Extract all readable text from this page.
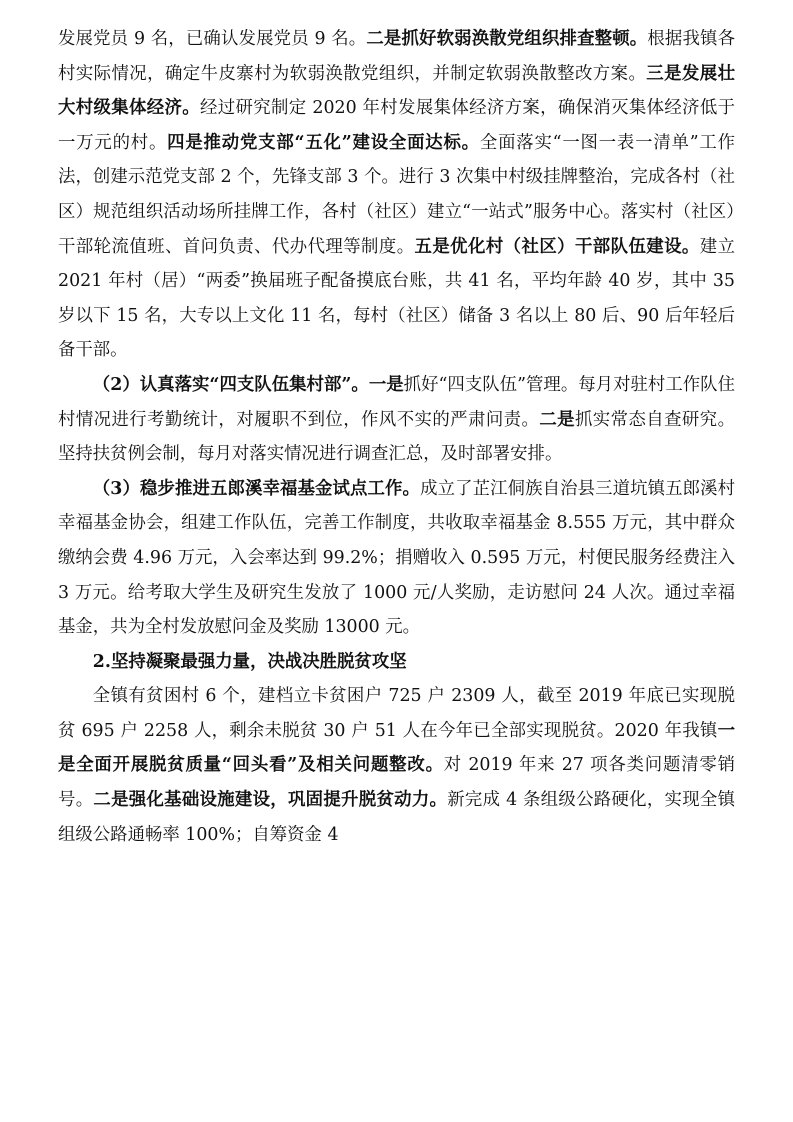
发展党员 9 名，已确认发展党员 9 名。二是抓好软弱涣散党组织排查整顿。根据我镇各村实际情况，确定牛皮寨村为软弱涣散党组织，并制定软弱涣散整改方案。三是发展壮大村级集体经济。经过研究制定 2020 年村发展集体经济方案，确保消灭集体经济低于一万元的村。四是推动党支部“五化”建设全面达标。全面落实“一图一表一清单”工作法，创建示范党支部 2 个，先锋支部 3 个。进行 3 次集中村级挂牌整治，完成各村（社区）规范组织活动场所挂牌工作，各村（社区）建立“一站式”服务中心。落实村（社区）干部轮流值班、首问负责、代办代理等制度。五是优化村（社区）干部队伍建设。建立 2021 年村（居）“两委”换届班子配备摸底台账，共 41 名，平均年龄 40 岁，其中 35 岁以下 15 名，大专以上文化 11 名，每村（社区）储备 3 名以上 80 后、90 后年轻后备干部。

（2）认真落实“四支队伍集村部”。一是抓好“四支队伍”管理。每月对驻村工作队住村情况进行考勤统计，对履职不到位，作风不实的严肃问责。二是抓实常态自查研究。坚持扶贫例会制，每月对落实情况进行调查汇总，及时部署安排。

（3）稳步推进五郎溪幸福基金试点工作。成立了芷江侗族自治县三道坑镇五郎溪村幸福基金协会，组建工作队伍，完善工作制度，共收取幸福基金 8.555 万元，其中群众缴纳会费 4.96 万元，入会率达到 99.2%；捐赠收入 0.595 万元，村便民服务经费注入 3 万元。给考取大学生及研究生发放了 1000 元/人奖励，走访慰问 24 人次。通过幸福基金，共为全村发放慰问金及奖励 13000 元。

2.坚持凝聚最强力量，决战决胜脱贫攻坚

全镇有贫困村 6 个，建档立卡贫困户 725 户 2309 人，截至 2019 年底已实现脱贫 695 户 2258 人，剩余未脱贫 30 户 51 人在今年已全部实现脱贫。2020 年我镇一是全面开展脱贫质量“回头看”及相关问题整改。对 2019 年来 27 项各类问题清零销号。二是强化基础设施建设，巩固提升脱贫动力。新完成 4 条组级公路硬化，实现全镇组级公路通畅率 100%；自筹资金 4
